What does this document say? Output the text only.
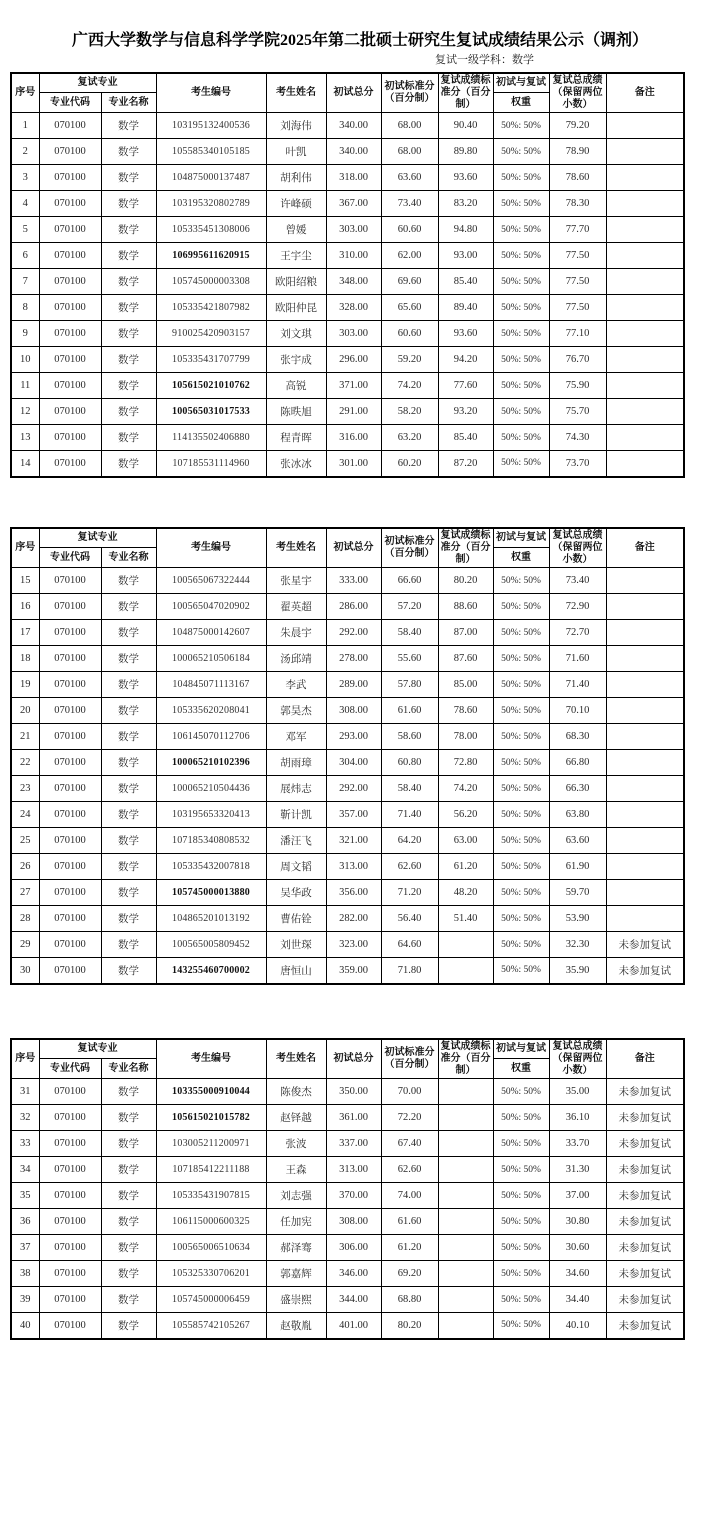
广西大学数学与信息科学学院2025年第二批硕士研究生复试成绩结果公示（调剂）
复试一级学科：数学
序号	复试专业		考生编号	考生姓名	初试总分	初试标准分（百分制）	复试成绩标准分（百分制）	初试与复试	复试总成绩（保留两位小数）	备注
	专业代码	专业名称						权重		
1	070100	数学	103195132400536	刘海伟	340.00	68.00	90.40	50%: 50%	79.20	
2	070100	数学	105585340105185	叶凯	340.00	68.00	89.80	50%: 50%	78.90	
3	070100	数学	104875000137487	胡利伟	318.00	63.60	93.60	50%: 50%	78.60	
4	070100	数学	103195320802789	许峰硕	367.00	73.40	83.20	50%: 50%	78.30	
5	070100	数学	105335451308006	曾媛	303.00	60.60	94.80	50%: 50%	77.70	
6	070100	数学	106995611620915	王宇尘	310.00	62.00	93.00	50%: 50%	77.50	
7	070100	数学	105745000003308	欧阳绍粮	348.00	69.60	85.40	50%: 50%	77.50	
8	070100	数学	105335421807982	欧阳仲昆	328.00	65.60	89.40	50%: 50%	77.50	
9	070100	数学	910025420903157	刘文琪	303.00	60.60	93.60	50%: 50%	77.10	
10	070100	数学	105335431707799	张宇成	296.00	59.20	94.20	50%: 50%	76.70	
11	070100	数学	105615021010762	高锐	371.00	74.20	77.60	50%: 50%	75.90	
12	070100	数学	100565031017533	陈昳旭	291.00	58.20	93.20	50%: 50%	75.70	
13	070100	数学	114135502406880	程青晖	316.00	63.20	85.40	50%: 50%	74.30	
14	070100	数学	107185531114960	张冰冰	301.00	60.20	87.20	50%: 50%	73.70	
序号	复试专业		考生编号	考生姓名	初试总分	初试标准分（百分制）	复试成绩标准分（百分制）	初试与复试	复试总成绩（保留两位小数）	备注
	专业代码	专业名称						权重		
15	070100	数学	100565067322444	张星宇	333.00	66.60	80.20	50%: 50%	73.40	
16	070100	数学	100565047020902	翟英超	286.00	57.20	88.60	50%: 50%	72.90	
17	070100	数学	104875000142607	朱晨宇	292.00	58.40	87.00	50%: 50%	72.70	
18	070100	数学	100065210506184	汤邱靖	278.00	55.60	87.60	50%: 50%	71.60	
19	070100	数学	104845071113167	李武	289.00	57.80	85.00	50%: 50%	71.40	
20	070100	数学	105335620208041	郭昊杰	308.00	61.60	78.60	50%: 50%	70.10	
21	070100	数学	106145070112706	邓军	293.00	58.60	78.00	50%: 50%	68.30	
22	070100	数学	100065210102396	胡雨璋	304.00	60.80	72.80	50%: 50%	66.80	
23	070100	数学	100065210504436	展炜志	292.00	58.40	74.20	50%: 50%	66.30	
24	070100	数学	103195653320413	靳计凯	357.00	71.40	56.20	50%: 50%	63.80	
25	070100	数学	107185340808532	潘汪飞	321.00	64.20	63.00	50%: 50%	63.60	
26	070100	数学	105335432007818	周文韬	313.00	62.60	61.20	50%: 50%	61.90	
27	070100	数学	105745000013880	吴华政	356.00	71.20	48.20	50%: 50%	59.70	
28	070100	数学	104865201013192	曹佑铨	282.00	56.40	51.40	50%: 50%	53.90	
29	070100	数学	100565005809452	刘世琛	323.00	64.60		50%: 50%	32.30	未参加复试
30	070100	数学	143255460700002	唐恒山	359.00	71.80		50%: 50%	35.90	未参加复试
序号	复试专业		考生编号	考生姓名	初试总分	初试标准分（百分制）	复试成绩标准分（百分制）	初试与复试	复试总成绩（保留两位小数）	备注
	专业代码	专业名称						权重		
31	070100	数学	103355000910044	陈俊杰	350.00	70.00		50%: 50%	35.00	未参加复试
32	070100	数学	105615021015782	赵铎越	361.00	72.20		50%: 50%	36.10	未参加复试
33	070100	数学	103005211200971	张波	337.00	67.40		50%: 50%	33.70	未参加复试
34	070100	数学	107185412211188	王森	313.00	62.60		50%: 50%	31.30	未参加复试
35	070100	数学	105335431907815	刘志强	370.00	74.00		50%: 50%	37.00	未参加复试
36	070100	数学	106115000600325	任加宪	308.00	61.60		50%: 50%	30.80	未参加复试
37	070100	数学	100565006510634	郝泽骞	306.00	61.20		50%: 50%	30.60	未参加复试
38	070100	数学	105325330706201	郭嘉辉	346.00	69.20		50%: 50%	34.60	未参加复试
39	070100	数学	105745000006459	盛崇熙	344.00	68.80		50%: 50%	34.40	未参加复试
40	070100	数学	105585742105267	赵敬胤	401.00	80.20		50%: 50%	40.10	未参加复试
